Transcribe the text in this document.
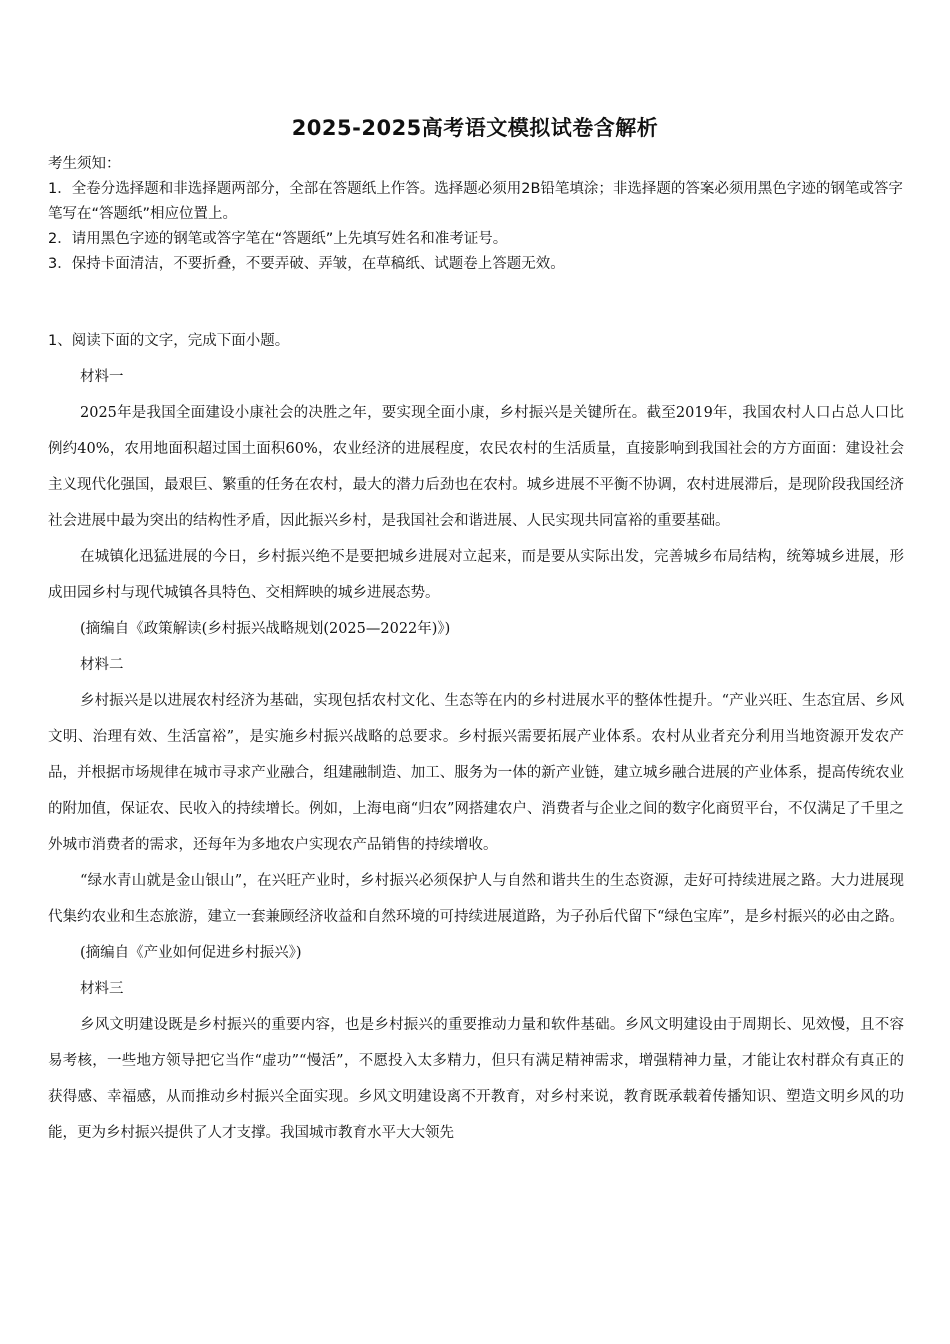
2025-2025高考语文模拟试卷含解析

考生须知：

1．全卷分选择题和非选择题两部分，全部在答题纸上作答。选择题必须用2B铅笔填涂；非选择题的答案必须用黑色字迹的钢笔或答字笔写在“答题纸”相应位置上。

2．请用黑色字迹的钢笔或答字笔在“答题纸”上先填写姓名和准考证号。

3．保持卡面清洁，不要折叠，不要弄破、弄皱，在草稿纸、试题卷上答题无效。

1、阅读下面的文字，完成下面小题。

材料一

2025年是我国全面建设小康社会的决胜之年，要实现全面小康，乡村振兴是关键所在。截至2019年，我国农村人口占总人口比例约40%，农用地面积超过国土面积60%，农业经济的进展程度，农民农村的生活质量，直接影响到我国社会的方方面面：建设社会主义现代化强国，最艰巨、繁重的任务在农村，最大的潜力后劲也在农村。城乡进展不平衡不协调，农村进展滞后，是现阶段我国经济社会进展中最为突出的结构性矛盾，因此振兴乡村，是我国社会和谐进展、人民实现共同富裕的重要基础。

在城镇化迅猛进展的今日，乡村振兴绝不是要把城乡进展对立起来，而是要从实际出发，完善城乡布局结构，统筹城乡进展，形成田园乡村与现代城镇各具特色、交相辉映的城乡进展态势。

(摘编自《政策解读(乡村振兴战略规划(2025—2022年)》)

材料二

乡村振兴是以进展农村经济为基础，实现包括农村文化、生态等在内的乡村进展水平的整体性提升。“产业兴旺、生态宜居、乡风文明、治理有效、生活富裕”，是实施乡村振兴战略的总要求。乡村振兴需要拓展产业体系。农村从业者充分利用当地资源开发农产品，并根据市场规律在城市寻求产业融合，组建融制造、加工、服务为一体的新产业链，建立城乡融合进展的产业体系，提高传统农业的附加值，保证农、民收入的持续增长。例如，上海电商“归农”网搭建农户、消费者与企业之间的数字化商贸平台，不仅满足了千里之外城市消费者的需求，还每年为多地农户实现农产品销售的持续增收。

“绿水青山就是金山银山”，在兴旺产业时，乡村振兴必须保护人与自然和谐共生的生态资源，走好可持续进展之路。大力进展现代集约农业和生态旅游，建立一套兼顾经济收益和自然环境的可持续进展道路，为子孙后代留下“绿色宝库”，是乡村振兴的必由之路。

(摘编自《产业如何促进乡村振兴》)

材料三

乡风文明建设既是乡村振兴的重要内容，也是乡村振兴的重要推动力量和软件基础。乡风文明建设由于周期长、见效慢，且不容易考核，一些地方领导把它当作“虚功”“慢活”，不愿投入太多精力，但只有满足精神需求，增强精神力量，才能让农村群众有真正的获得感、幸福感，从而推动乡村振兴全面实现。乡风文明建设离不开教育，对乡村来说，教育既承载着传播知识、塑造文明乡风的功能，更为乡村振兴提供了人才支撑。我国城市教育水平大大领先
